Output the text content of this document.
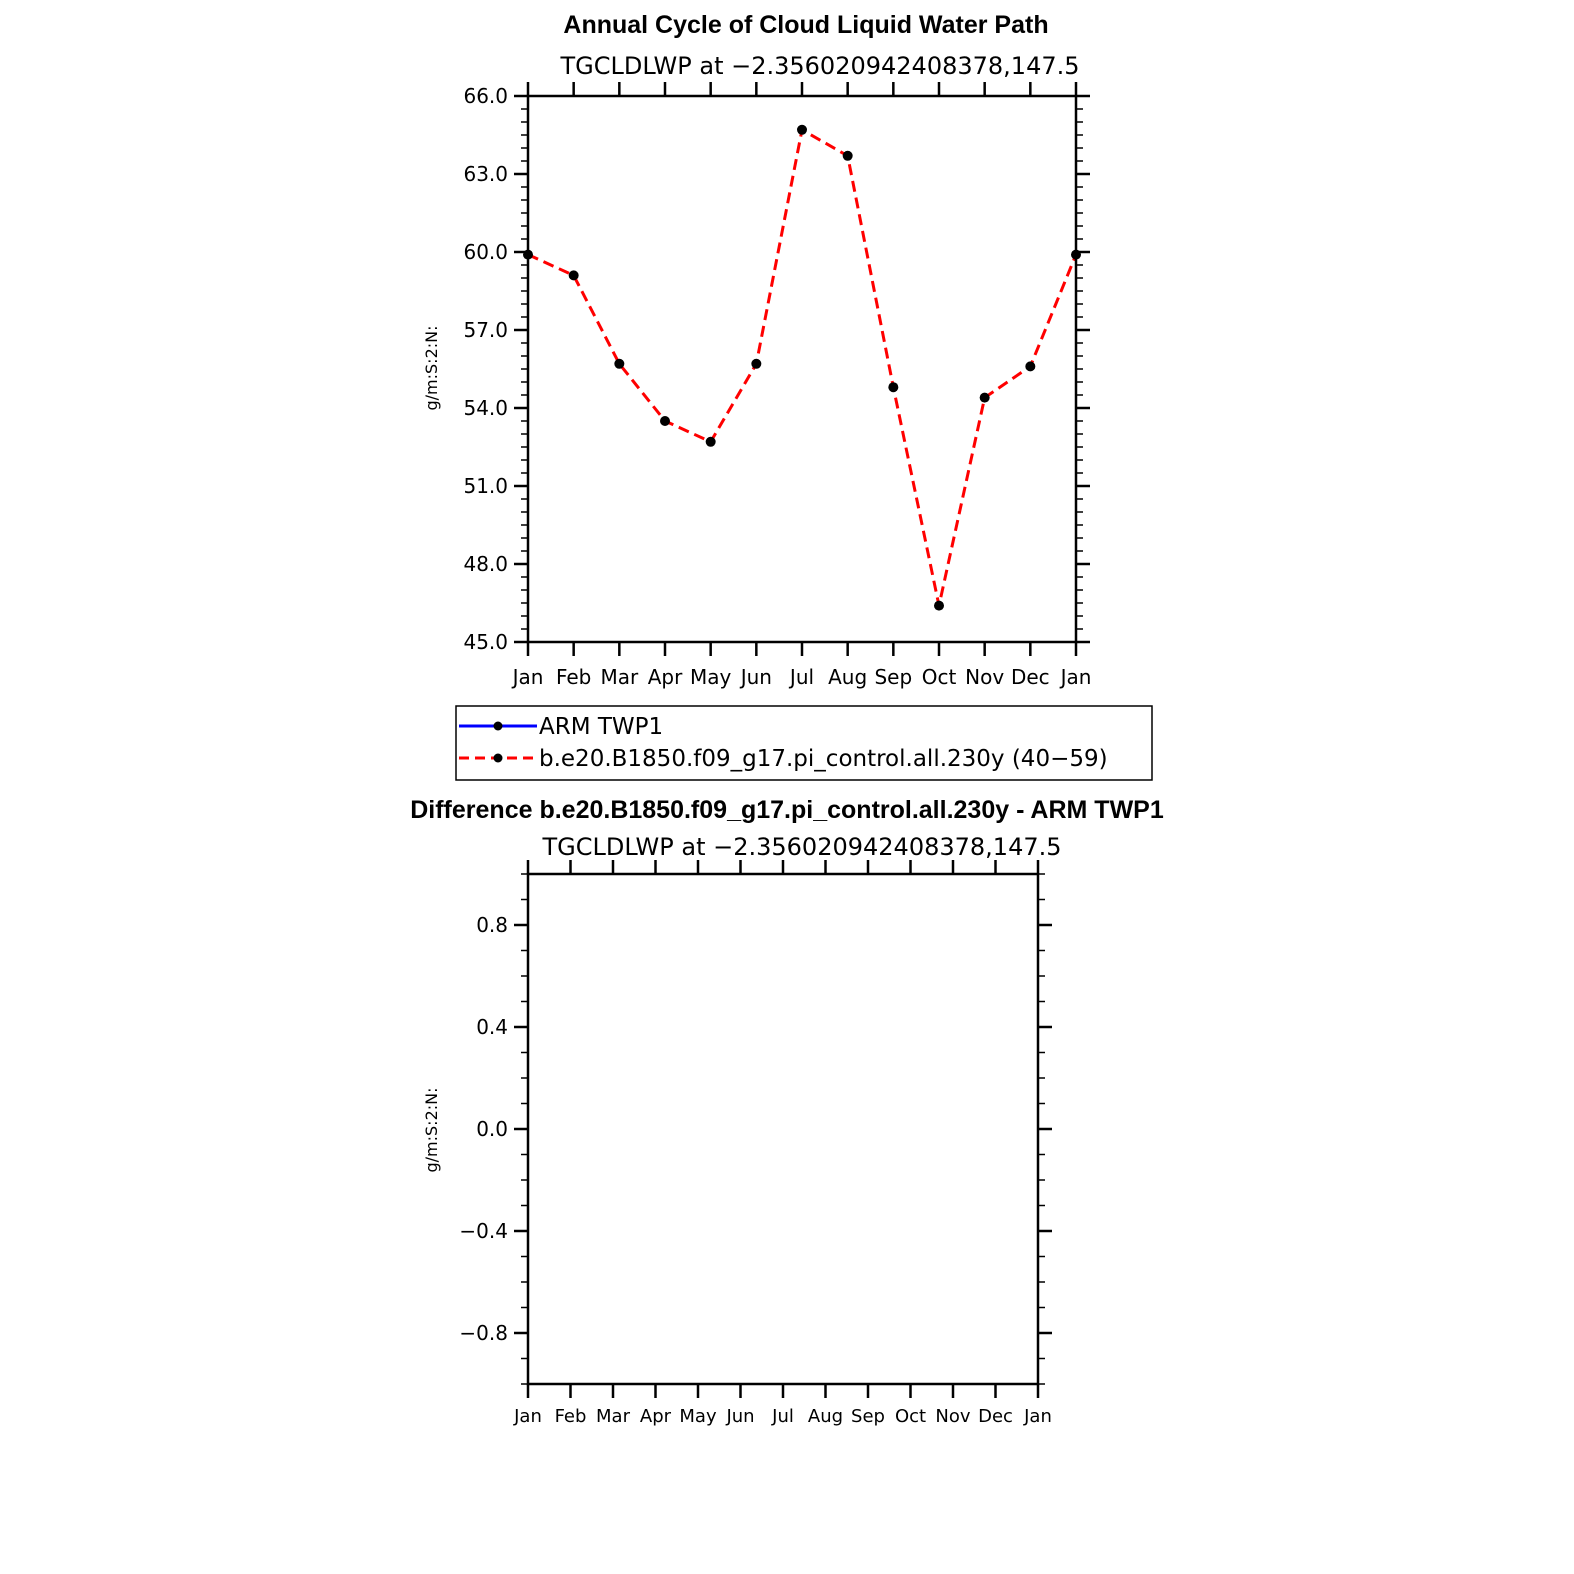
Annual Cycle of Cloud Liquid Water Path
TGCLDLWP at −2.356020942408378,147.5
g/m:S:2:N:
45.0
48.0
51.0
54.0
57.0
60.0
63.0
66.0
Jan Feb Mar Apr May Jun Jul Aug Sep Oct Nov Dec Jan
ARM TWP1
b.e20.B1850.f09_g17.pi_control.all.230y (40−59)
Difference b.e20.B1850.f09_g17.pi_control.all.230y - ARM TWP1
TGCLDLWP at −2.356020942408378,147.5
g/m:S:2:N:
−0.8
−0.4
0.0
0.4
0.8
Jan Feb Mar Apr May Jun Jul Aug Sep Oct Nov Dec Jan
